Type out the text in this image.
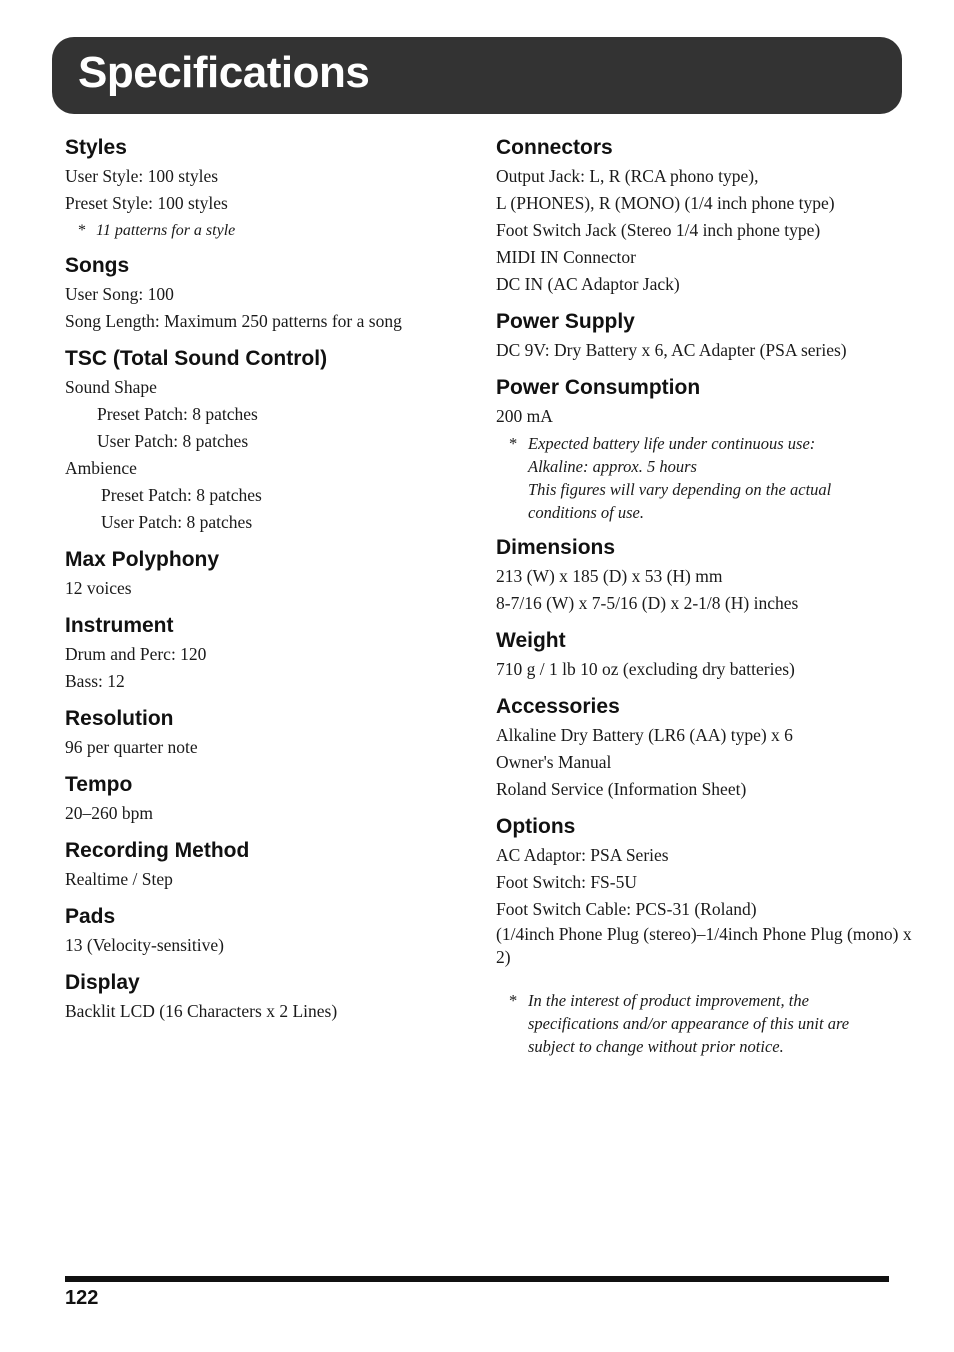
Specifications
Styles
User Style: 100 styles
Preset Style: 100 styles
* 11 patterns for a style
Songs
User Song: 100
Song Length: Maximum 250 patterns for a song
TSC (Total Sound Control)
Sound Shape
Preset Patch: 8 patches
User Patch: 8 patches
Ambience
Preset Patch: 8 patches
User Patch: 8 patches
Max Polyphony
12 voices
Instrument
Drum and Perc: 120
Bass: 12
Resolution
96 per quarter note
Tempo
20–260 bpm
Recording Method
Realtime / Step
Pads
13 (Velocity-sensitive)
Display
Backlit LCD (16 Characters x 2 Lines)
Connectors
Output Jack: L, R (RCA phono type),
L (PHONES), R (MONO) (1/4 inch phone type)
Foot Switch Jack (Stereo 1/4 inch phone type)
MIDI IN Connector
DC IN (AC Adaptor Jack)
Power Supply
DC 9V: Dry Battery x 6, AC Adapter (PSA series)
Power Consumption
200 mA
* Expected battery life under continuous use:
Alkaline: approx. 5 hours
This figures will vary depending on the actual
conditions of use.
Dimensions
213 (W) x 185 (D) x 53 (H) mm
8-7/16 (W) x 7-5/16 (D) x 2-1/8 (H) inches
Weight
710 g / 1 lb 10 oz (excluding dry batteries)
Accessories
Alkaline Dry Battery (LR6 (AA) type) x 6
Owner's Manual
Roland Service (Information Sheet)
Options
AC Adaptor: PSA Series
Foot Switch: FS-5U
Foot Switch Cable: PCS-31 (Roland)
(1/4inch Phone Plug (stereo)–1/4inch Phone Plug (mono) x 2)
* In the interest of product improvement, the
specifications and/or appearance of this unit are
subject to change without prior notice.
122
